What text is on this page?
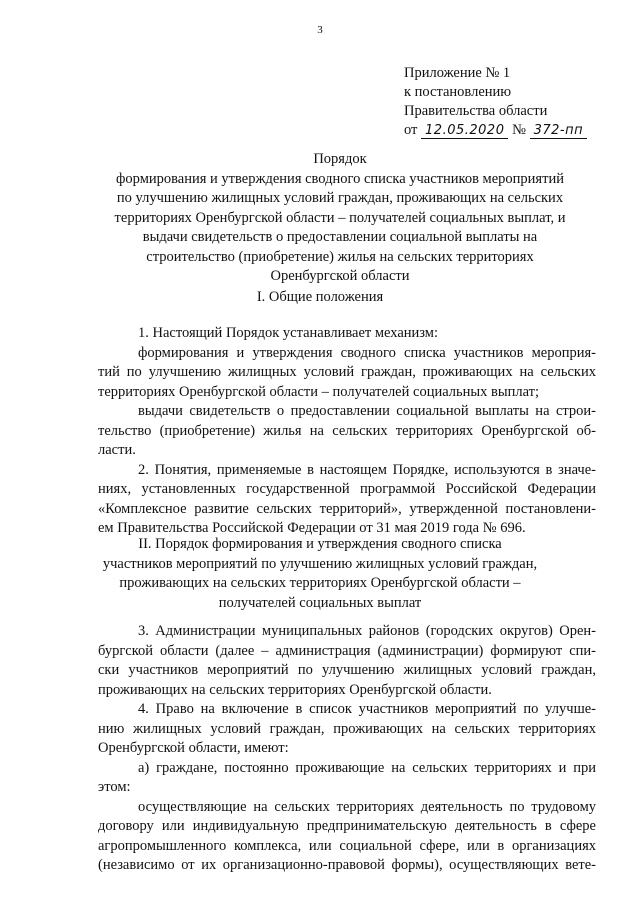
3
Приложение № 1
к постановлению
Правительства области
от 12.05.2020 № 372-пп
Порядок
формирования и утверждения сводного списка участников мероприятий
по улучшению жилищных условий граждан, проживающих на сельских
территориях Оренбургской области – получателей социальных выплат, и
выдачи свидетельств о предоставлении социальной выплаты на
строительство (приобретение) жилья на сельских территориях
Оренбургской области
I. Общие положения
1. Настоящий Порядок устанавливает механизм:
формирования и утверждения сводного списка участников мероприя-
тий по улучшению жилищных условий граждан, проживающих на сельских
территориях Оренбургской области – получателей социальных выплат;
выдачи свидетельств о предоставлении социальной выплаты на строи-
тельство (приобретение) жилья на сельских территориях Оренбургской об-
ласти.
2. Понятия, применяемые в настоящем Порядке, используются в значе-
ниях, установленных государственной программой Российской Федерации
«Комплексное развитие сельских территорий», утвержденной постановлени-
ем Правительства Российской Федерации от 31 мая 2019 года № 696.
II. Порядок формирования и утверждения сводного списка
участников мероприятий по улучшению жилищных условий граждан,
проживающих на сельских территориях Оренбургской области –
получателей социальных выплат
3. Администрации муниципальных районов (городских округов) Орен-
бургской области (далее – администрация (администрации) формируют спи-
ски участников мероприятий по улучшению жилищных условий граждан,
проживающих на сельских территориях Оренбургской области.
4. Право на включение в список участников мероприятий по улучше-
нию жилищных условий граждан, проживающих на сельских территориях
Оренбургской области, имеют:
а) граждане, постоянно проживающие на сельских территориях и при
этом:
осуществляющие на сельских территориях деятельность по трудовому
договору или индивидуальную предпринимательскую деятельность в сфере
агропромышленного комплекса, или социальной сфере, или в организациях
(независимо от их организационно-правовой формы), осуществляющих вете-
